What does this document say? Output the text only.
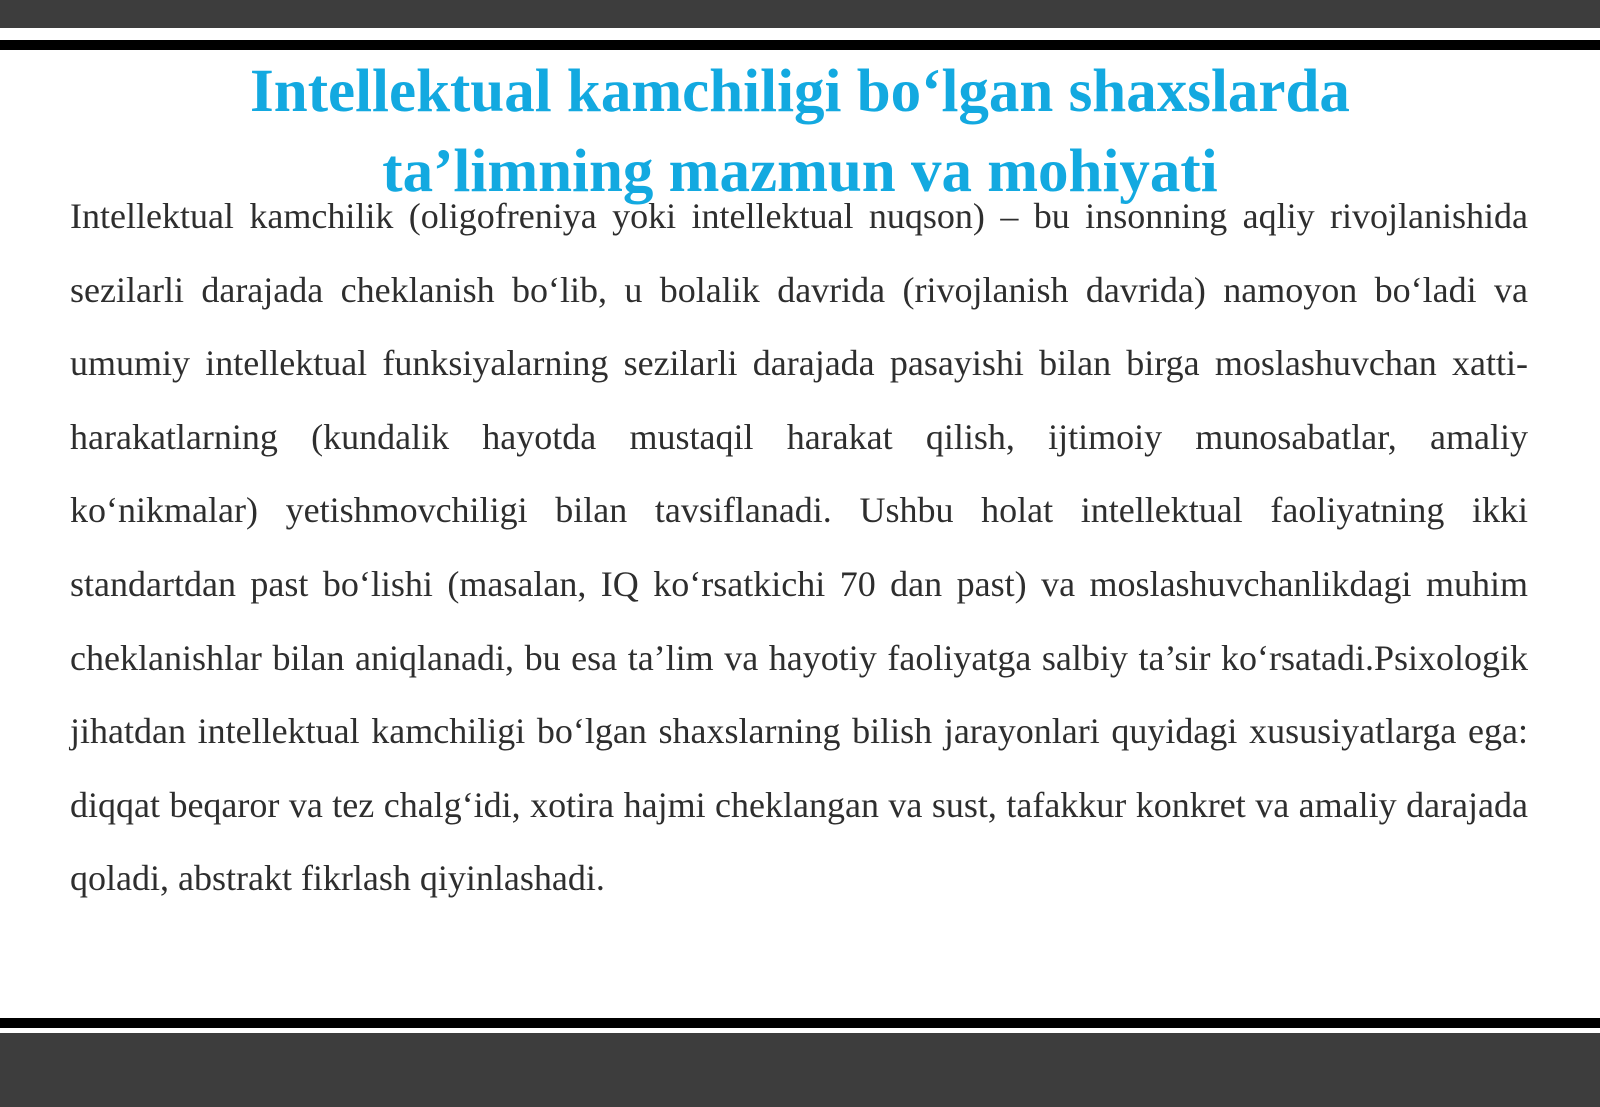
Intellektual kamchiligi bo‘lgan shaxslarda
ta’limning mazmun va mohiyati

Intellektual kamchilik (oligofreniya yoki intellektual nuqson) – bu insonning aqliy rivojlanishida sezilarli darajada cheklanish bo‘lib, u bolalik davrida (rivojlanish davrida) namoyon bo‘ladi va umumiy intellektual funksiyalarning sezilarli darajada pasayishi bilan birga moslashuvchan xatti-harakatlarning (kundalik hayotda mustaqil harakat qilish, ijtimoiy munosabatlar, amaliy ko‘nikmalar) yetishmovchiligi bilan tavsiflanadi. Ushbu holat intellektual faoliyatning ikki standartdan past bo‘lishi (masalan, IQ ko‘rsatkichi 70 dan past) va moslashuvchanlikdagi muhim cheklanishlar bilan aniqlanadi, bu esa ta’lim va hayotiy faoliyatga salbiy ta’sir ko‘rsatadi.Psixologik jihatdan intellektual kamchiligi bo‘lgan shaxslarning bilish jarayonlari quyidagi xususiyatlarga ega: diqqat beqaror va tez chalg‘idi, xotira hajmi cheklangan va sust, tafakkur konkret va amaliy darajada qoladi, abstrakt fikrlash qiyinlashadi.
